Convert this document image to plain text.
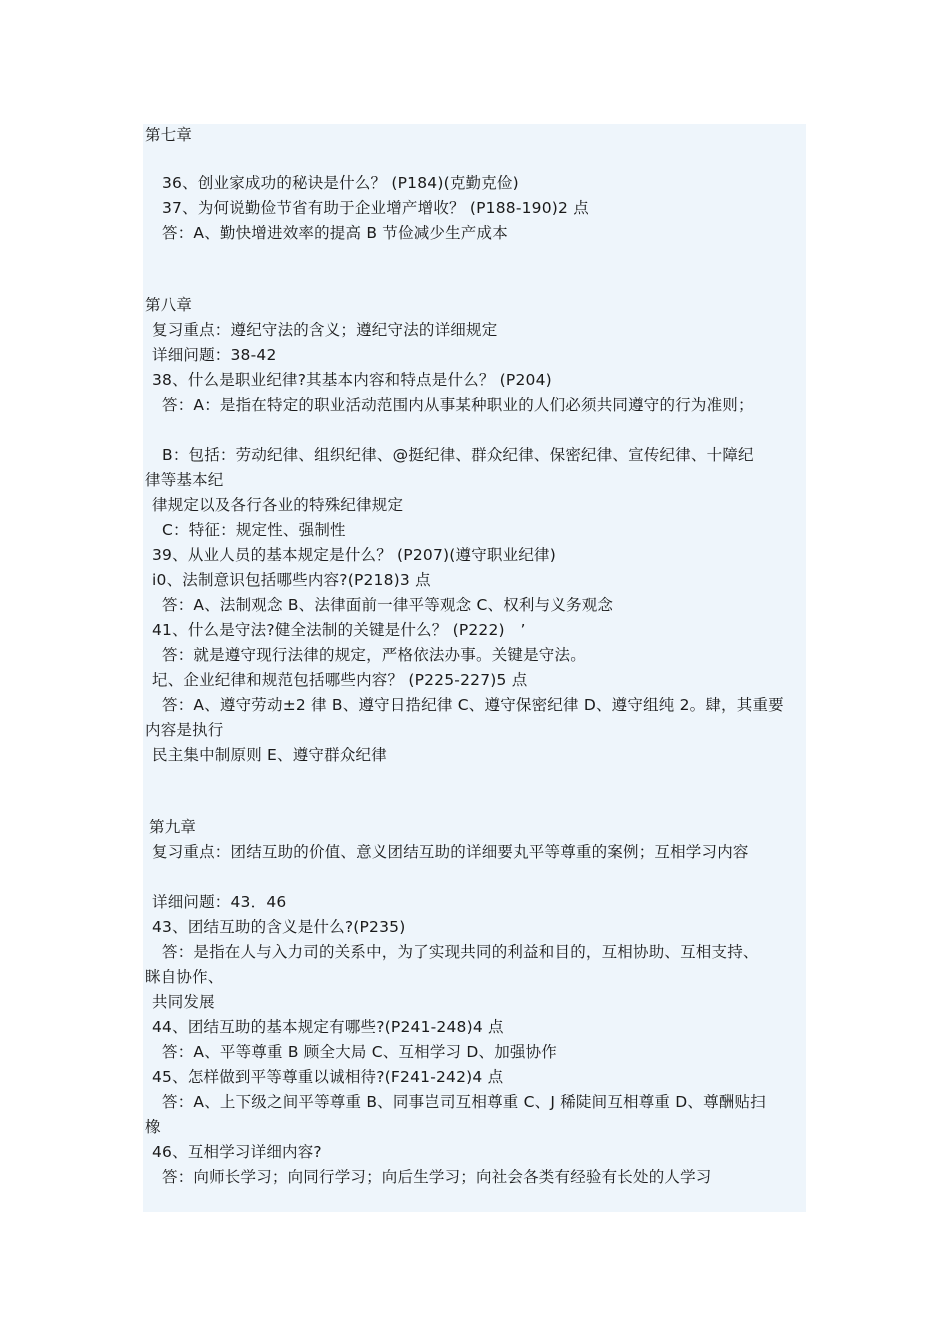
第七章
36、创业家成功的秘诀是什么？ (P184)(克勤克俭)
37、为何说勤俭节省有助于企业增产增收？ (P188-190)2 点
答：A、勤快增进效率的提高 B 节俭减少生产成本
第八章
复习重点：遵纪守法的含义；遵纪守法的详细规定
详细问题：38-42
38、什么是职业纪律?其基本内容和特点是什么？ (P204)
答：A：是指在特定的职业活动范围内从事某种职业的人们必须共同遵守的行为准则；
B：包括：劳动纪律、组织纪律、@挺纪律、群众纪律、保密纪律、宣传纪律、十障纪
律等基本纪
律规定以及各行各业的特殊纪律规定
C：特征：规定性、强制性
39、从业人员的基本规定是什么？ (P207)(遵守职业纪律)
i0、法制意识包括哪些内容?(P218)3 点
答：A、法制观念 B、法律面前一律平等观念 C、权利与义务观念
41、什么是守法?健全法制的关键是什么？ (P222)　’
答：就是遵守现行法律的规定，严格依法办事。关键是守法。
圮、企业纪律和规范包括哪些内容？ (P225-227)5 点
答：A、遵守劳动±2 律 B、遵守日捁纪律 C、遵守保密纪律 D、遵守组纯 2。肆，其重要
内容是执行
民主集中制原则 E、遵守群众纪律
第九章
复习重点：团结互助的价值、意义团结互助的详细要丸平等尊重的案例；互相学习内容
详细问题：43．46
43、团结互助的含义是什么?(P235)
答：是指在人与入力司的关系中，为了实现共同的利益和目的，互相协助、互相支持、
眯自协作、
共同发展
44、团结互助的基本规定有哪些?(P241-248)4 点
答：A、平等尊重 B 顾全大局 C、互相学习 D、加强协作
45、怎样做到平等尊重以诚相待?(F241-242)4 点
答：A、上下级之间平等尊重 B、同事岂司互相尊重 C、J 稀陡间互相尊重 D、尊酬贴扫
橡
46、互相学习详细内容?
答：向师长学习；向同行学习；向后生学习；向社会各类有经验有长处的人学习
